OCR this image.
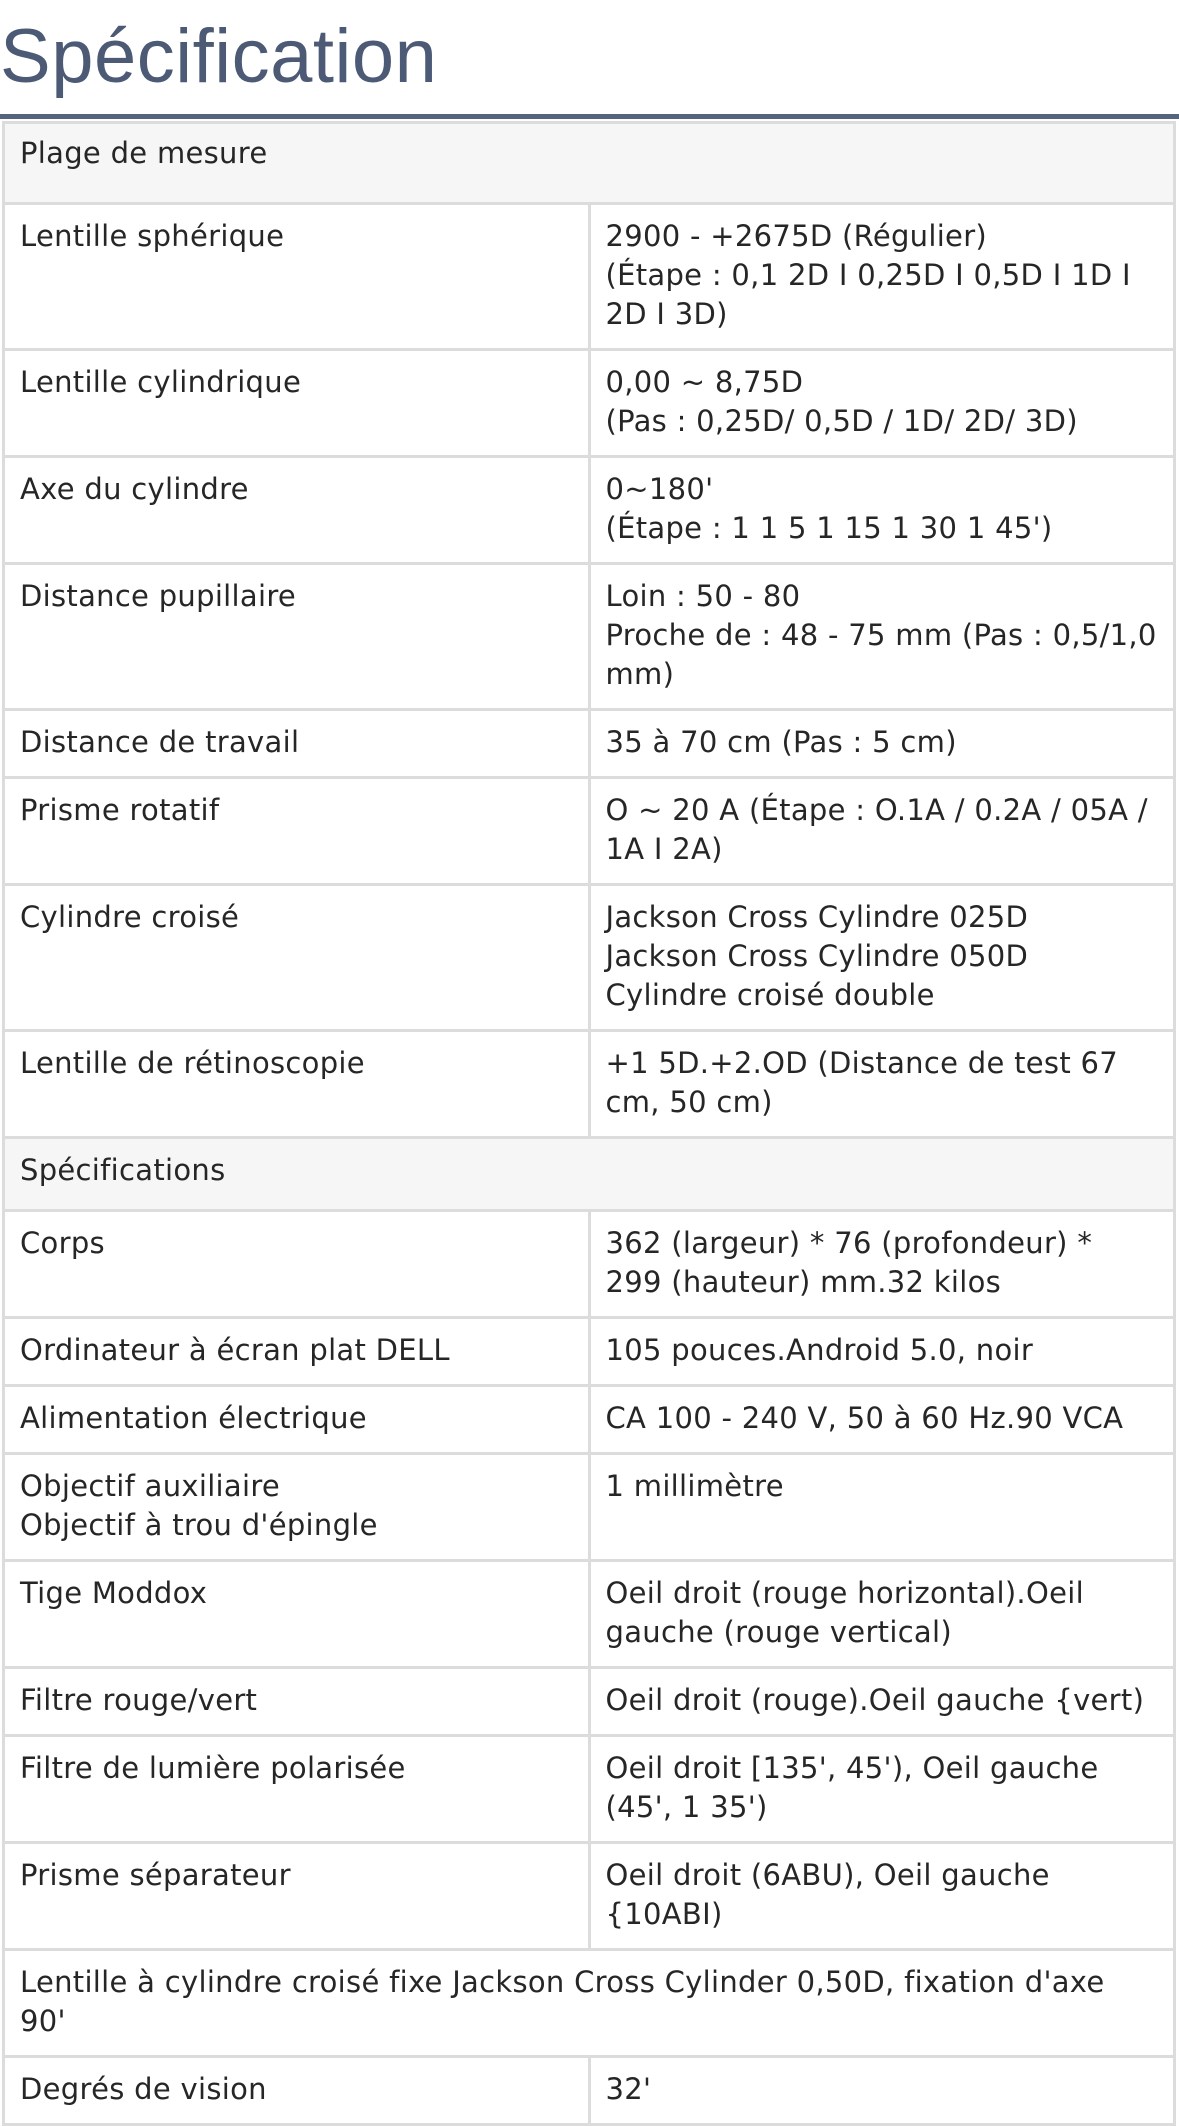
Spécification
Plage de mesure	
Lentille sphérique	2900 - +2675D (Régulier)
(Étape : 0,1 2D I 0,25D I 0,5D I 1D I 2D I 3D)
Lentille cylindrique	0,00 ~ 8,75D
(Pas : 0,25D/ 0,5D / 1D/ 2D/ 3D)
Axe du cylindre	0~180'
(Étape : 1 1 5 1 15 1 30 1 45')
Distance pupillaire	Loin : 50 - 80
Proche de : 48 - 75 mm (Pas : 0,5/1,0 mm)
Distance de travail	35 à 70 cm (Pas : 5 cm)
Prisme rotatif	O ~ 20 A (Étape : O.1A / 0.2A / 05A / 1A I 2A)
Cylindre croisé	Jackson Cross Cylindre 025D
Jackson Cross Cylindre 050D
Cylindre croisé double
Lentille de rétinoscopie	+1 5D.+2.OD (Distance de test 67 cm, 50 cm)
Spécifications	
Corps	362 (largeur) * 76 (profondeur) * 299 (hauteur) mm.32 kilos
Ordinateur à écran plat DELL	105 pouces.Android 5.0, noir
Alimentation électrique	CA 100 - 240 V, 50 à 60 Hz.90 VCA
Objectif auxiliaire
Objectif à trou d'épingle	1 millimètre
Tige Moddox	Oeil droit (rouge horizontal).Oeil gauche (rouge vertical)
Filtre rouge/vert	Oeil droit (rouge).Oeil gauche {vert)
Filtre de lumière polarisée	Oeil droit [135', 45'), Oeil gauche (45', 1 35')
Prisme séparateur	Oeil droit (6ABU), Oeil gauche {10ABI)
Lentille à cylindre croisé fixe Jackson Cross Cylinder 0,50D, fixation d'axe 90'	
Degrés de vision	32'
